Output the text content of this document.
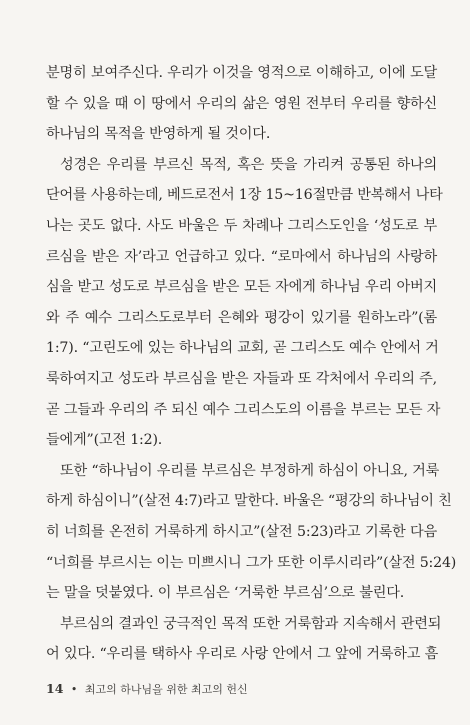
분명히 보여주신다. 우리가 이것을 영적으로 이해하고, 이에 도달
할 수 있을 때 이 땅에서 우리의 삶은 영원 전부터 우리를 향하신
하나님의 목적을 반영하게 될 것이다.
성경은 우리를 부르신 목적, 혹은 뜻을 가리켜 공통된 하나의
단어를 사용하는데, 베드로전서 1장 15~16절만큼 반복해서 나타
나는 곳도 없다. 사도 바울은 두 차례나 그리스도인을 ‘성도로 부
르심을 받은 자’라고 언급하고 있다. “로마에서 하나님의 사랑하
심을 받고 성도로 부르심을 받은 모든 자에게 하나님 우리 아버지
와 주 예수 그리스도로부터 은혜와 평강이 있기를 원하노라”(롬
1:7). “고린도에 있는 하나님의 교회, 곧 그리스도 예수 안에서 거
룩하여지고 성도라 부르심을 받은 자들과 또 각처에서 우리의 주,
곧 그들과 우리의 주 되신 예수 그리스도의 이름을 부르는 모든 자
들에게”(고전 1:2).
또한 “하나님이 우리를 부르심은 부정하게 하심이 아니요, 거룩
하게 하심이니”(살전 4:7)라고 말한다. 바울은 “평강의 하나님이 친
히 너희를 온전히 거룩하게 하시고”(살전 5:23)라고 기록한 다음
“너희를 부르시는 이는 미쁘시니 그가 또한 이루시리라”(살전 5:24)
는 말을 덧붙였다. 이 부르심은 ‘거룩한 부르심’으로 불린다.
부르심의 결과인 궁극적인 목적 또한 거룩함과 지속해서 관련되
어 있다. “우리를 택하사 우리로 사랑 안에서 그 앞에 거룩하고 흠
14 • 최고의 하나님을 위한 최고의 헌신
